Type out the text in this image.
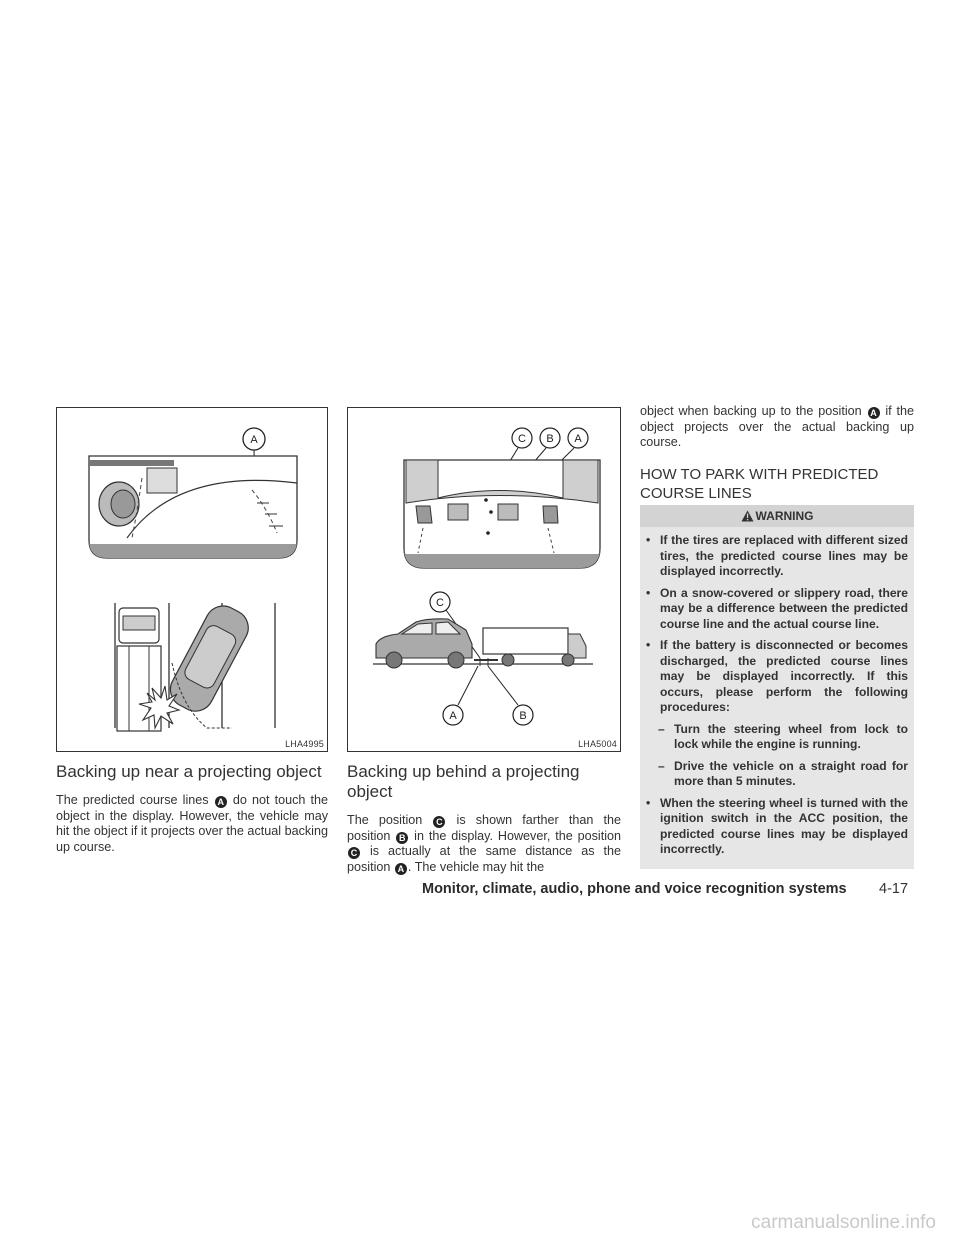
A
LHA4995
C B A
C
A	B
LHA5004
Backing up near a projecting object
The predicted course lines A do not touch the object in the display. However, the vehicle may hit the object if it projects over the actual backing up course.
Backing up behind a projecting object
The position C is shown farther than the position B in the display. However, the position C is actually at the same distance as the position A . The vehicle may hit the
object when backing up to the position A if the object projects over the actual backing up course.
HOW TO PARK WITH PREDICTED COURSE LINES
WARNING
• If the tires are replaced with different sized tires, the predicted course lines may be displayed incorrectly.
• On a snow-covered or slippery road, there may be a difference between the predicted course line and the actual course line.
• If the battery is disconnected or becomes discharged, the predicted course lines may be displayed incorrectly. If this occurs, please perform the following procedures:
– Turn the steering wheel from lock to lock while the engine is running.
– Drive the vehicle on a straight road for more than 5 minutes.
• When the steering wheel is turned with the ignition switch in the ACC position, the predicted course lines may be displayed incorrectly.
Monitor, climate, audio, phone and voice recognition systems 4-17
carmanualsonline.info
